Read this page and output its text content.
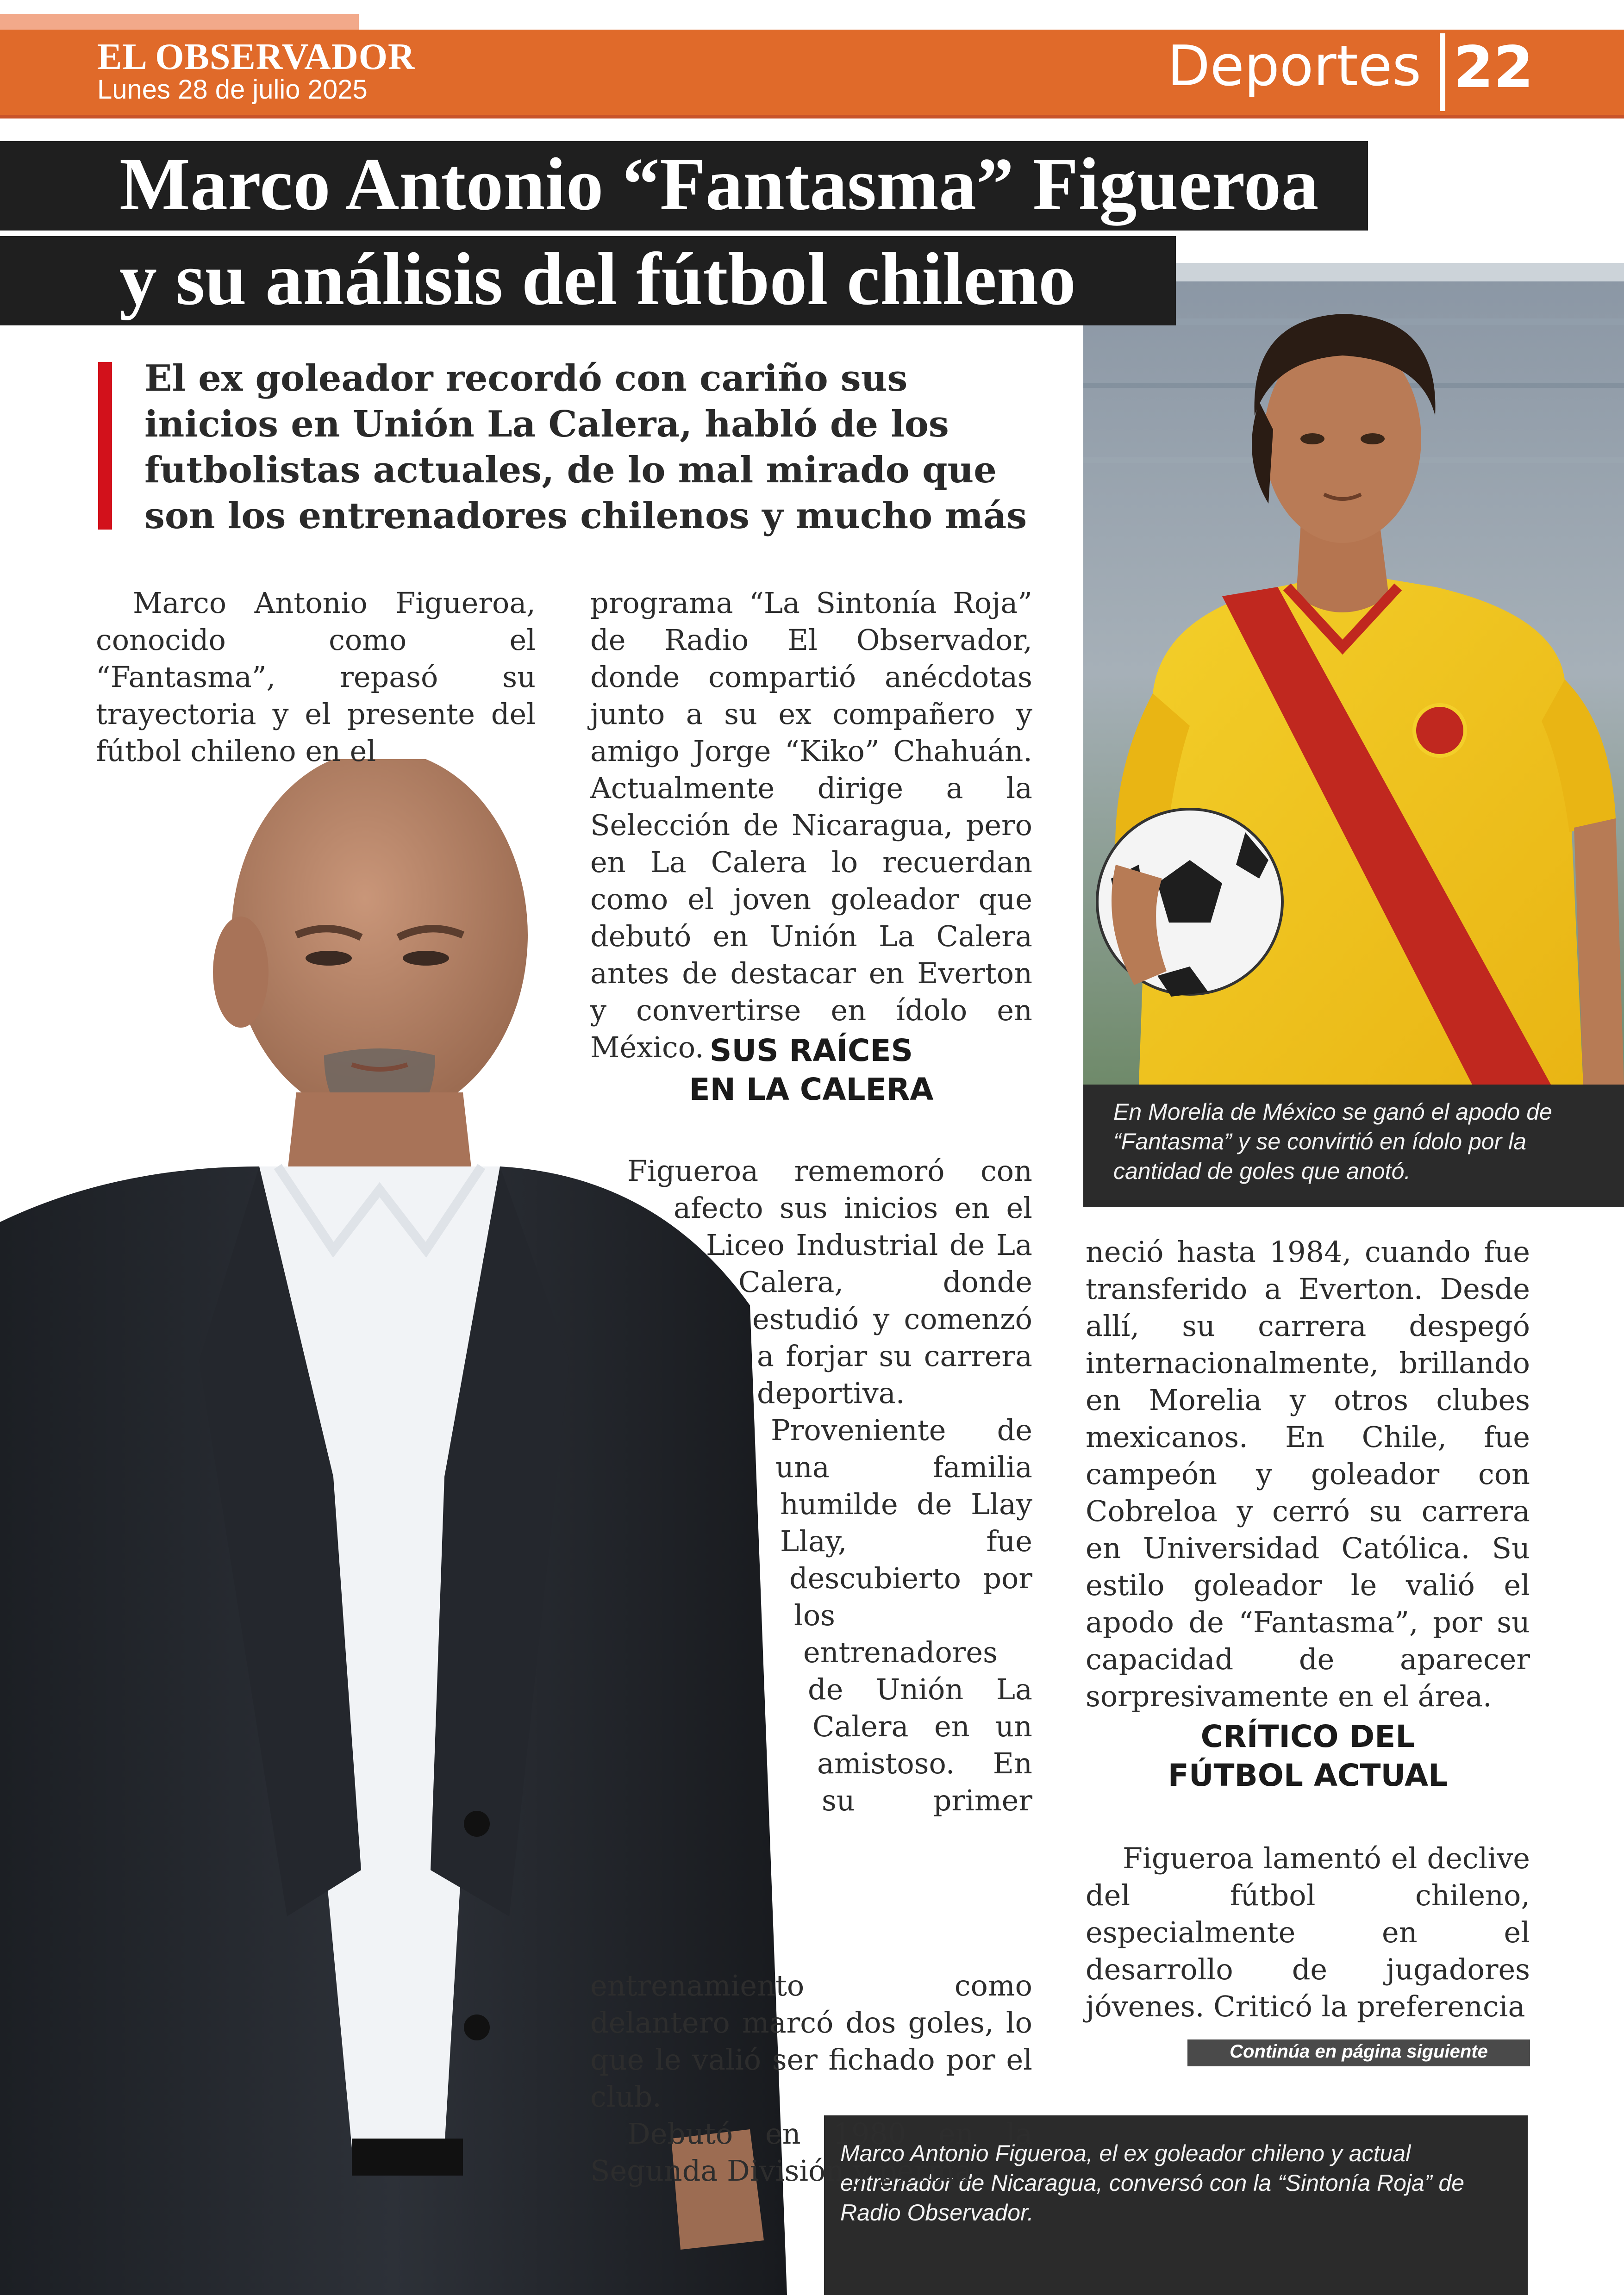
EL OBSERVADOR
Lunes 28 de julio 2025	Deportes 22

En Morelia de México se ganó el apodo de “Fantasma” y se convirtió en ídolo por la cantidad de goles que anotó.

Marco Antonio Figueroa, el ex goleador chileno y actual entrenador de Nicaragua, conversó con la “Sintonía Roja” de Radio Observador.

Marco Antonio “Fantasma” Figueroa
y su análisis del fútbol chileno

El ex goleador recordó con cariño sus inicios en Unión La Calera, habló de los futbolistas actuales, de lo mal mirado que son los entrenadores chilenos y mucho más

Marco Antonio Figueroa, conocido como el “Fantasma”, repasó su trayectoria y el presente del fútbol chileno en el

programa “La Sintonía Roja” de Radio El Observador, donde compartió anécdotas junto a su ex compañero y amigo Jorge “Kiko” Chahuán. Actualmente dirige a la Selección de Nicaragua, pero en La Calera lo recuerdan como el joven goleador que debutó en Unión La Calera antes de destacar en Everton y convertirse en ídolo en México. SUS RAÍCES

EN LA CALERA

Figueroa rememoró con afecto sus inicios en el Liceo Industrial de La Calera, donde estudió y comenzó a forjar su carrera deportiva. Proveniente de una familia humilde de Llay Llay, fue descubierto por los entrenadores de Unión La Calera en un amistoso. En su primer entrenamiento como delantero marcó dos goles, lo que le valió ser fichado por el club.

Debutó en 1980 en la Segunda División y perma-

neció hasta 1984, cuando fue transferido a Everton. Desde allí, su carrera despegó internacionalmente, brillando en Morelia y otros clubes mexicanos. En Chile, fue campeón y goleador con Cobreloa y cerró su carrera en Universidad Católica. Su estilo goleador le valió el apodo de “Fantasma”, por su capacidad de aparecer sorpresivamente en el área.

CRÍTICO DEL

FÚTBOL ACTUAL

Figueroa lamentó el declive del fútbol chileno, especialmente en el desarrollo de jugadores jóvenes. Criticó la preferencia

Continúa en página siguiente
